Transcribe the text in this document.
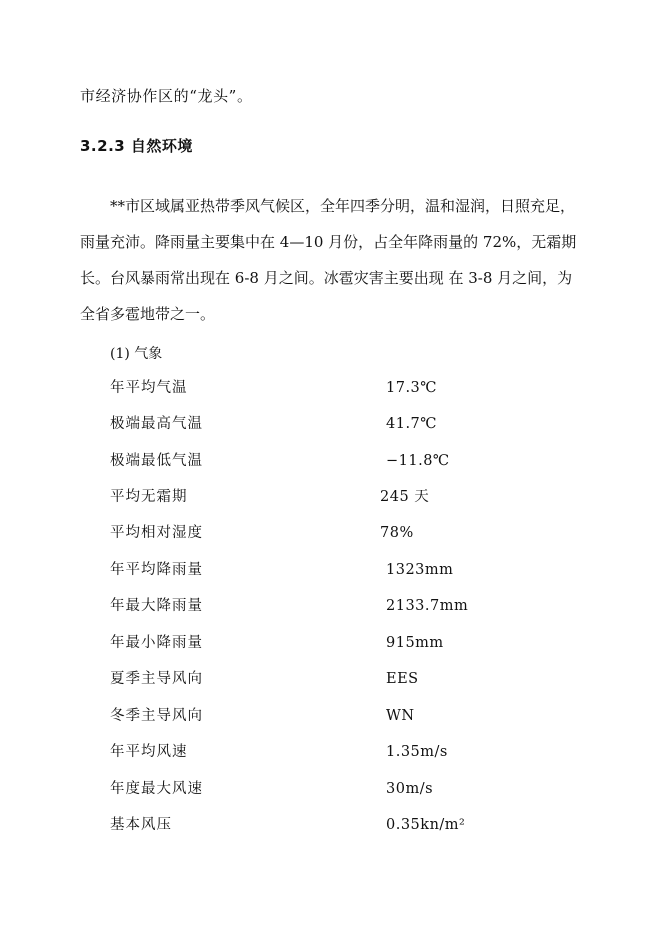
市经济协作区的“龙头”。
3.2.3 自然环境
**市区域属亚热带季风气候区，全年四季分明，温和湿润，日照充足，
雨量充沛。降雨量主要集中在 4—10 月份，占全年降雨量的 72%，无霜期
长。台风暴雨常出现在 6-8 月之间。冰雹灾害主要出现 在 3-8 月之间，为
全省多雹地带之一。
(1) 气象
年平均气温	17.3℃
极端最高气温	41.7℃
极端最低气温	−11.8℃
平均无霜期	245 天
平均相对湿度	78%
年平均降雨量	1323mm
年最大降雨量	2133.7mm
年最小降雨量	915mm
夏季主导风向	EES
冬季主导风向	WN
年平均风速	1.35m/s
年度最大风速	30m/s
基本风压	0.35kn/m²
